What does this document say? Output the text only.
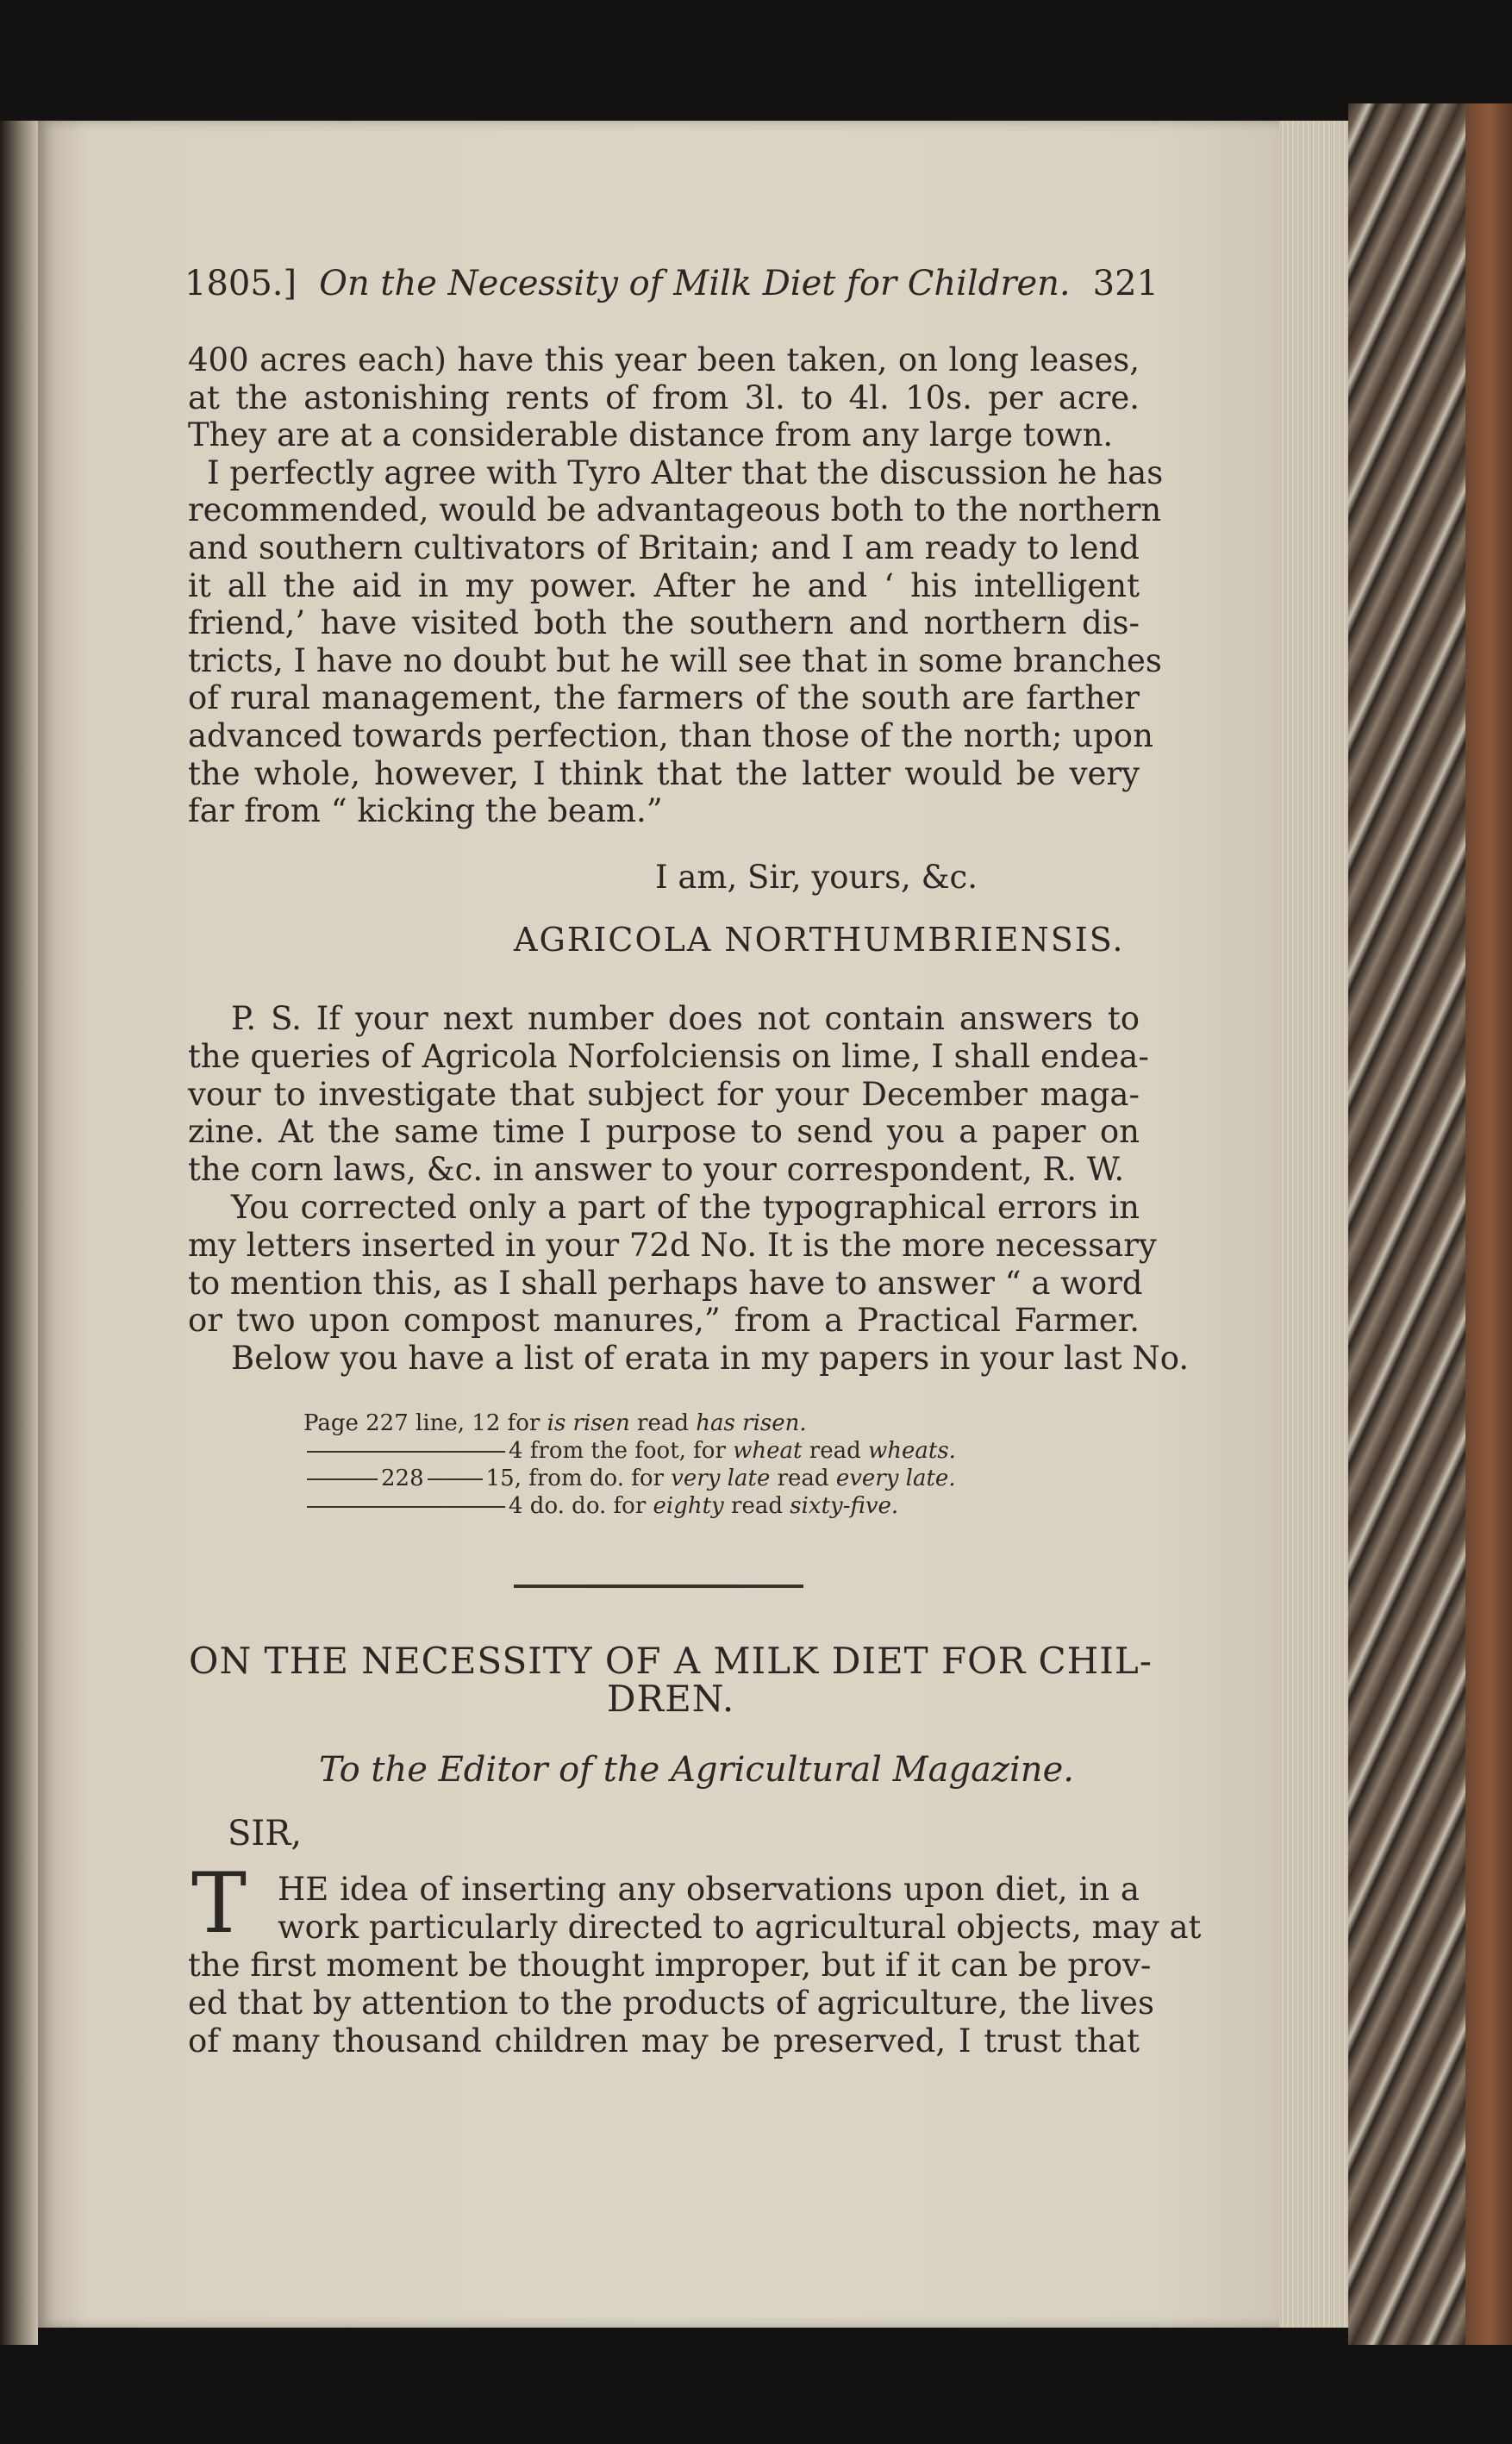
1805.] On the Necessity of Milk Diet for Children. 321
400 acres each) have this year been taken, on long leases,
at the astonishing rents of from 3l. to 4l. 10s. per acre.
They are at a considerable distance from any large town.
I perfectly agree with Tyro Alter that the discussion he has
recommended, would be advantageous both to the northern
and southern cultivators of Britain; and I am ready to lend
it all the aid in my power. After he and ‘ his intelligent
friend,’ have visited both the southern and northern dis-
tricts, I have no doubt but he will see that in some branches
of rural management, the farmers of the south are farther
advanced towards perfection, than those of the north; upon
the whole, however, I think that the latter would be very
far from “ kicking the beam.”
I am, Sir, yours, &c.
AGRICOLA NORTHUMBRIENSIS.
P. S. If your next number does not contain answers to
the queries of Agricola Norfolciensis on lime, I shall endea-
vour to investigate that subject for your December maga-
zine. At the same time I purpose to send you a paper on
the corn laws, &c. in answer to your correspondent, R. W.
You corrected only a part of the typographical errors in
my letters inserted in your 72d No. It is the more necessary
to mention this, as I shall perhaps have to answer “ a word
or two upon compost manures,” from a Practical Farmer.
Below you have a list of erata in my papers in your last No.
Page 227 line, 12 for is risen read has risen.
4 from the foot, for wheat read wheats.
228	15, from do. for very late read every late.
4 do. do. for eighty read sixty-five.
ON THE NECESSITY OF A MILK DIET FOR CHIL-
DREN.
To the Editor of the Agricultural Magazine.
SIR,
T HE idea of inserting any observations upon diet, in a
work particularly directed to agricultural objects, may at
the first moment be thought improper, but if it can be prov-
ed that by attention to the products of agriculture, the lives
of many thousand children may be preserved, I trust that
